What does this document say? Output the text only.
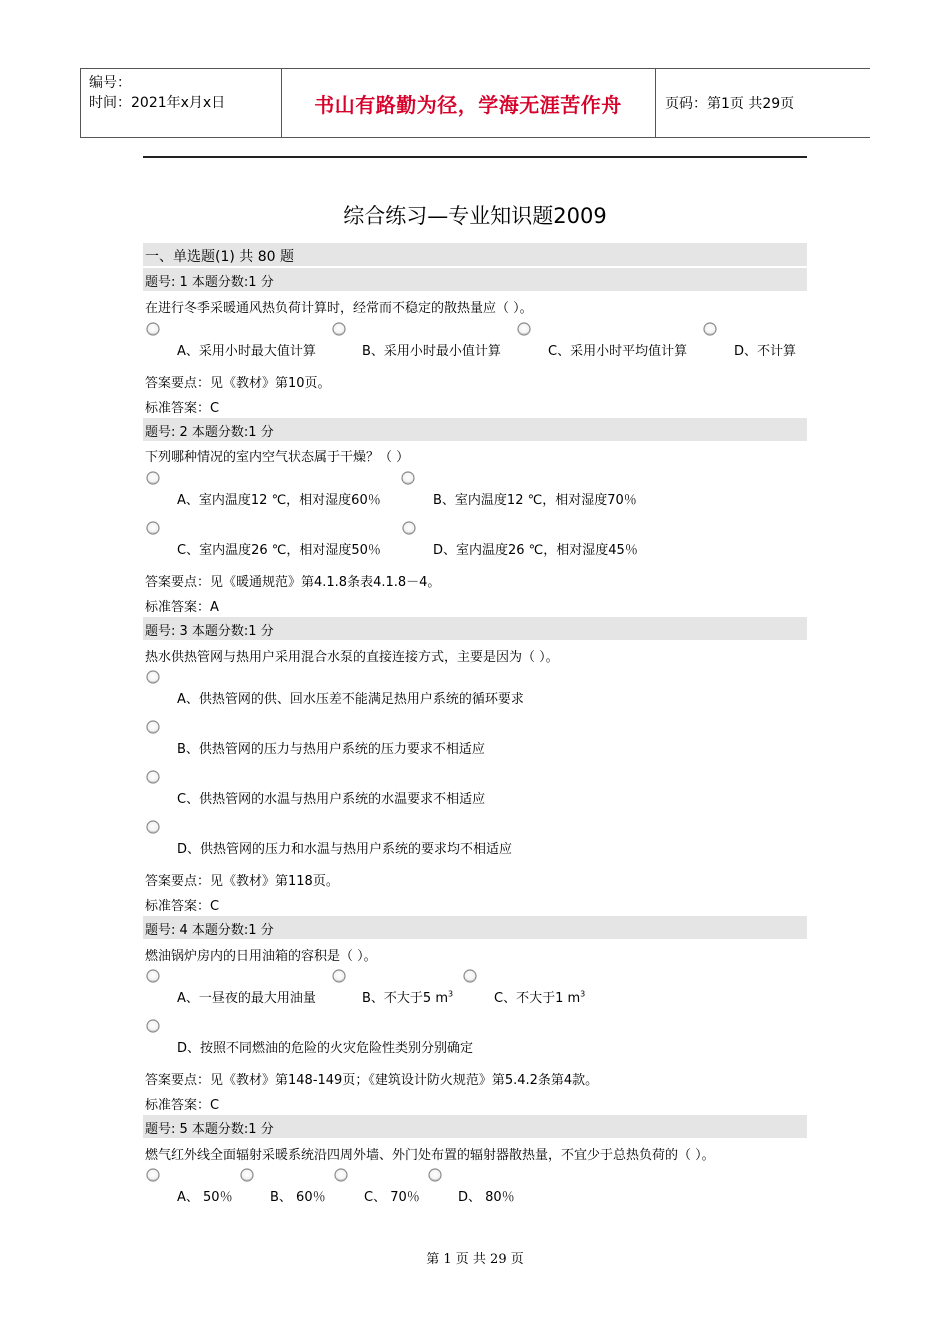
编号：
时间：2021年x月x日	书山有路勤为径，学海无涯苦作舟	页码：第1页 共29页
综合练习—专业知识题2009
一、单选题(1) 共 80 题
题号: 1 本题分数:1 分
在进行冬季采暖通风热负荷计算时，经常而不稳定的散热量应（ ）。
A、采用小时最大值计算	B、采用小时最小值计算	C、采用小时平均值计算	D、不计算
答案要点：见《教材》第10页。
标准答案：C
题号: 2 本题分数:1 分
下列哪种情况的室内空气状态属于干燥？（ ）
A、室内温度12 ℃，相对湿度60％	B、室内温度12 ℃，相对湿度70％
C、室内温度26 ℃，相对湿度50％	D、室内温度26 ℃，相对湿度45％
答案要点：见《暖通规范》第4.1.8条表4.1.8－4。
标准答案：A
题号: 3 本题分数:1 分
热水供热管网与热用户采用混合水泵的直接连接方式，主要是因为（ ）。
A、供热管网的供、回水压差不能满足热用户系统的循环要求
B、供热管网的压力与热用户系统的压力要求不相适应
C、供热管网的水温与热用户系统的水温要求不相适应
D、供热管网的压力和水温与热用户系统的要求均不相适应
答案要点：见《教材》第118页。
标准答案：C
题号: 4 本题分数:1 分
燃油锅炉房内的日用油箱的容积是（ ）。
A、一昼夜的最大用油量	B、不大于5 $m^3$	C、不大于1 $m^3$
D、按照不同燃油的危险的火灾危险性类别分别确定
答案要点：见《教材》第148-149页；《建筑设计防火规范》第5.4.2条第4款。
标准答案：C
题号: 5 本题分数:1 分
燃气红外线全面辐射采暖系统沿四周外墙、外门处布置的辐射器散热量，不宜少于总热负荷的（ ）。
A、 50％	B、 60％	C、 70％	D、 80％
第 1 页 共 29 页
